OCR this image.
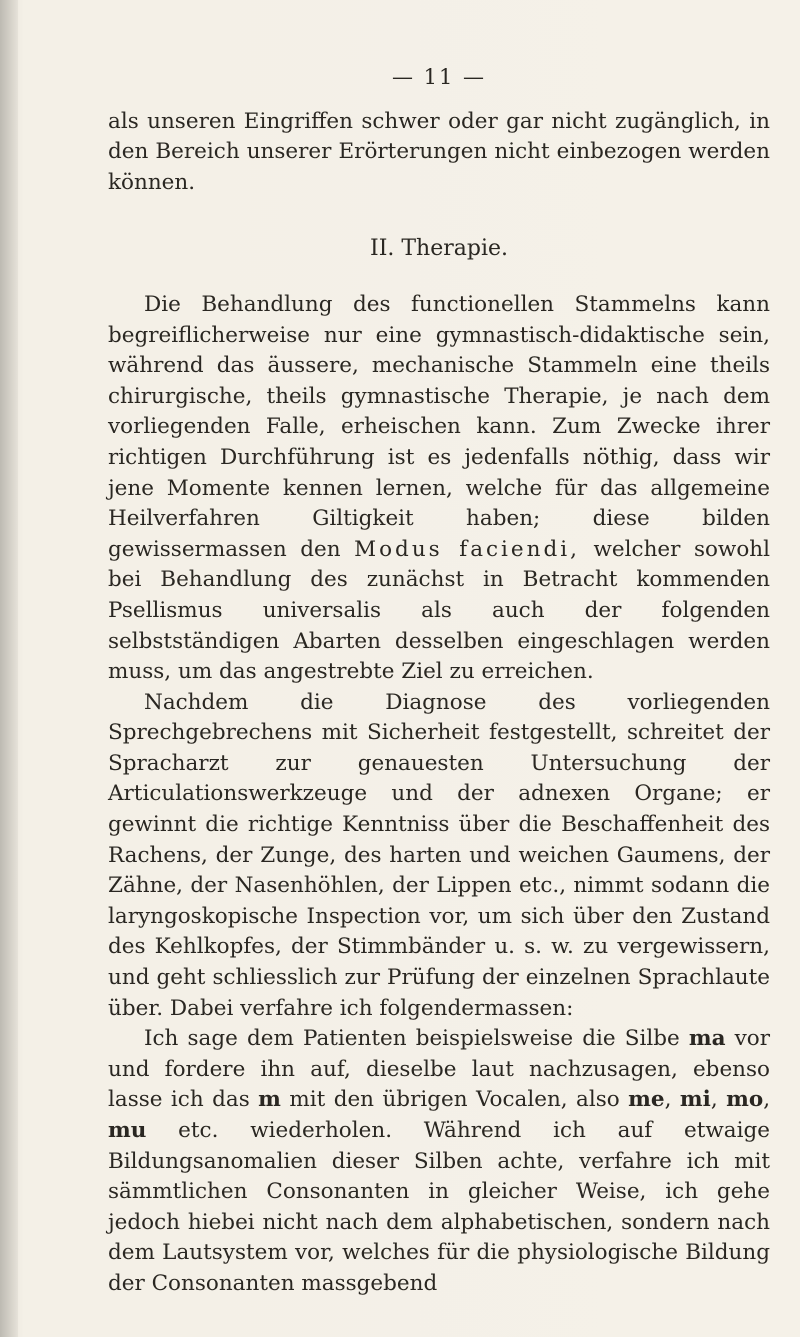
— 11 —

als unseren Eingriffen schwer oder gar nicht zugänglich, in den Bereich unserer Erörterungen nicht einbezogen werden können.

II. Therapie.

Die Behandlung des functionellen Stammelns kann begreiflicherweise nur eine gymnastisch-didaktische sein, während das äussere, mechanische Stammeln eine theils chirurgische, theils gymnastische Therapie, je nach dem vorliegenden Falle, erheischen kann. Zum Zwecke ihrer richtigen Durchführung ist es jedenfalls nöthig, dass wir jene Momente kennen lernen, welche für das allgemeine Heilverfahren Giltigkeit haben; diese bilden gewissermassen den Modus faciendi, welcher sowohl bei Behandlung des zunächst in Betracht kommenden Psellismus universalis als auch der folgenden selbstständigen Abarten desselben eingeschlagen werden muss, um das angestrebte Ziel zu erreichen.

Nachdem die Diagnose des vorliegenden Sprechgebrechens mit Sicherheit festgestellt, schreitet der Spracharzt zur genauesten Untersuchung der Articulationswerkzeuge und der adnexen Organe; er gewinnt die richtige Kenntniss über die Beschaffenheit des Rachens, der Zunge, des harten und weichen Gaumens, der Zähne, der Nasenhöhlen, der Lippen etc., nimmt sodann die laryngoskopische Inspection vor, um sich über den Zustand des Kehlkopfes, der Stimmbänder u. s. w. zu vergewissern, und geht schliesslich zur Prüfung der einzelnen Sprachlaute über. Dabei verfahre ich folgendermassen:

Ich sage dem Patienten beispielsweise die Silbe ma vor und fordere ihn auf, dieselbe laut nachzusagen, ebenso lasse ich das m mit den übrigen Vocalen, also me, mi, mo, mu etc. wiederholen. Während ich auf etwaige Bildungsanomalien dieser Silben achte, verfahre ich mit sämmtlichen Consonanten in gleicher Weise, ich gehe jedoch hiebei nicht nach dem alphabetischen, sondern nach dem Lautsystem vor, welches für die physiologische Bildung der Consonanten massgebend
